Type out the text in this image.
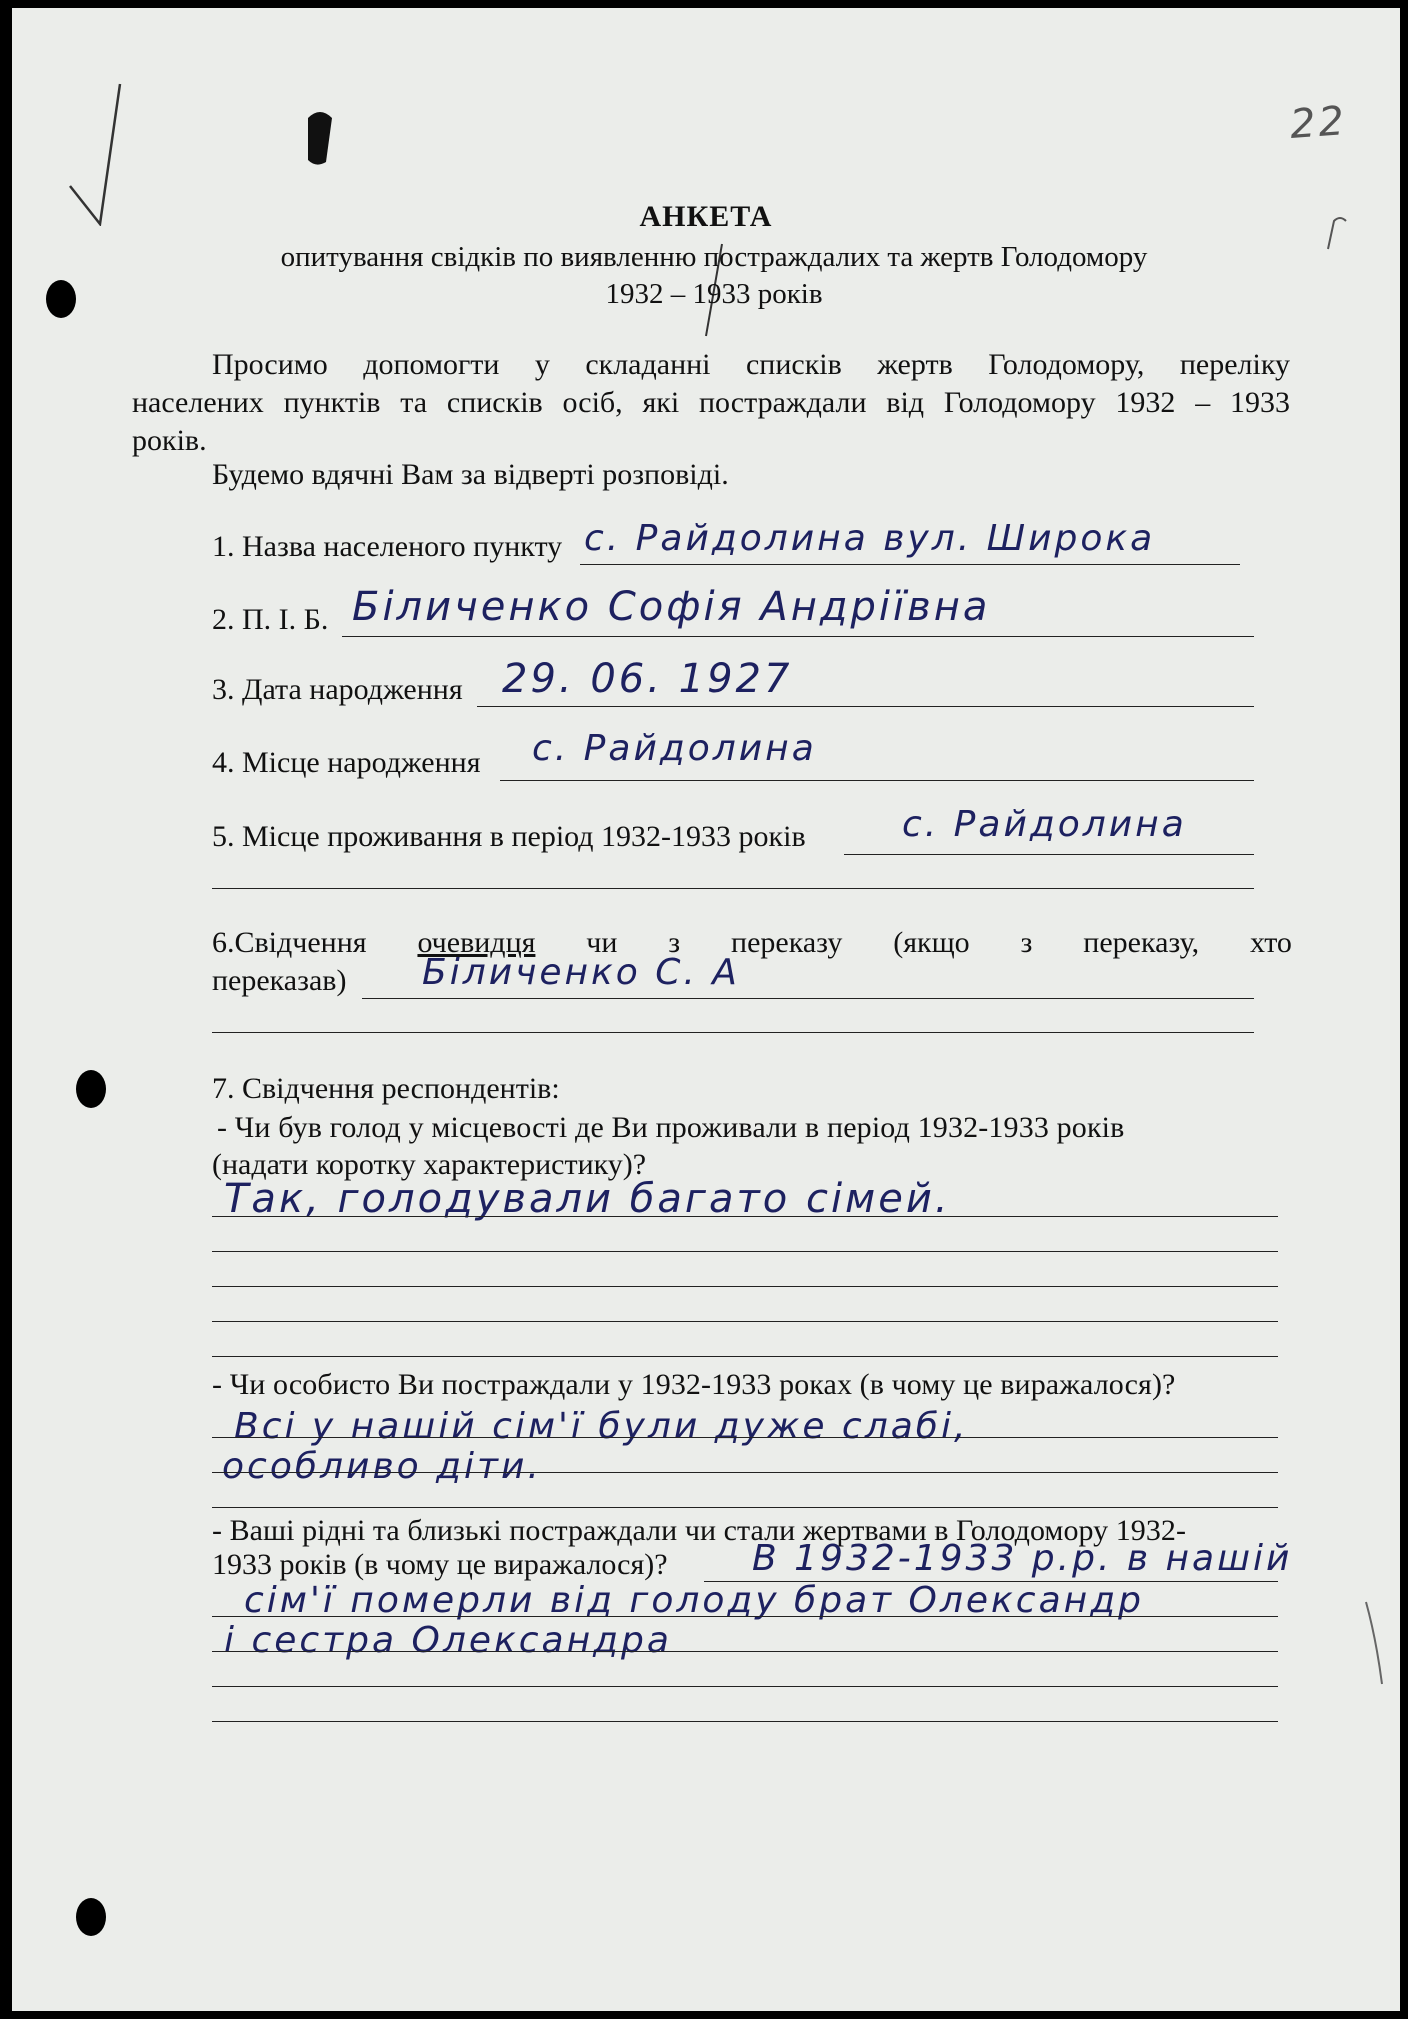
22
АНКЕТА
опитування свідків по виявленню постраждалих та жертв Голодомору
1932 – 1933 років
Просимо допомогти у складанні списків жертв Голодомору, переліку
населених пунктів та списків осіб, які постраждали від Голодомору 1932 – 1933
років.
Будемо вдячні Вам за відверті розповіді.
1. Назва населеного пункту с. Райдолина вул. Широка
2. П. І. Б. Біличенко Софія Андріївна
3. Дата народження 29. 06. 1927
4. Місце народження с. Райдолина
5. Місце проживання в період 1932-1933 років	с. Райдолина
6.Свідчення очевидця чи з переказу (якщо з переказу, хто
переказав) Біличенко С. А
7. Свідчення респондентів:
- Чи був голод у місцевості де Ви проживали в період 1932-1933 років
(надати коротку характеристику)?
Так, голодували багато сімей.
- Чи особисто Ви постраждали у 1932-1933 роках (в чому це виражалося)?
Всі у нашій сім'ї були дуже слабі,
особливо діти.
- Ваші рідні та близькі постраждали чи стали жертвами в Голодомору 1932-
1933 років (в чому це виражалося)? В 1932-1933 р.р. в нашій
сім'ї померли від голоду брат Олександр
і сестра Олександра
